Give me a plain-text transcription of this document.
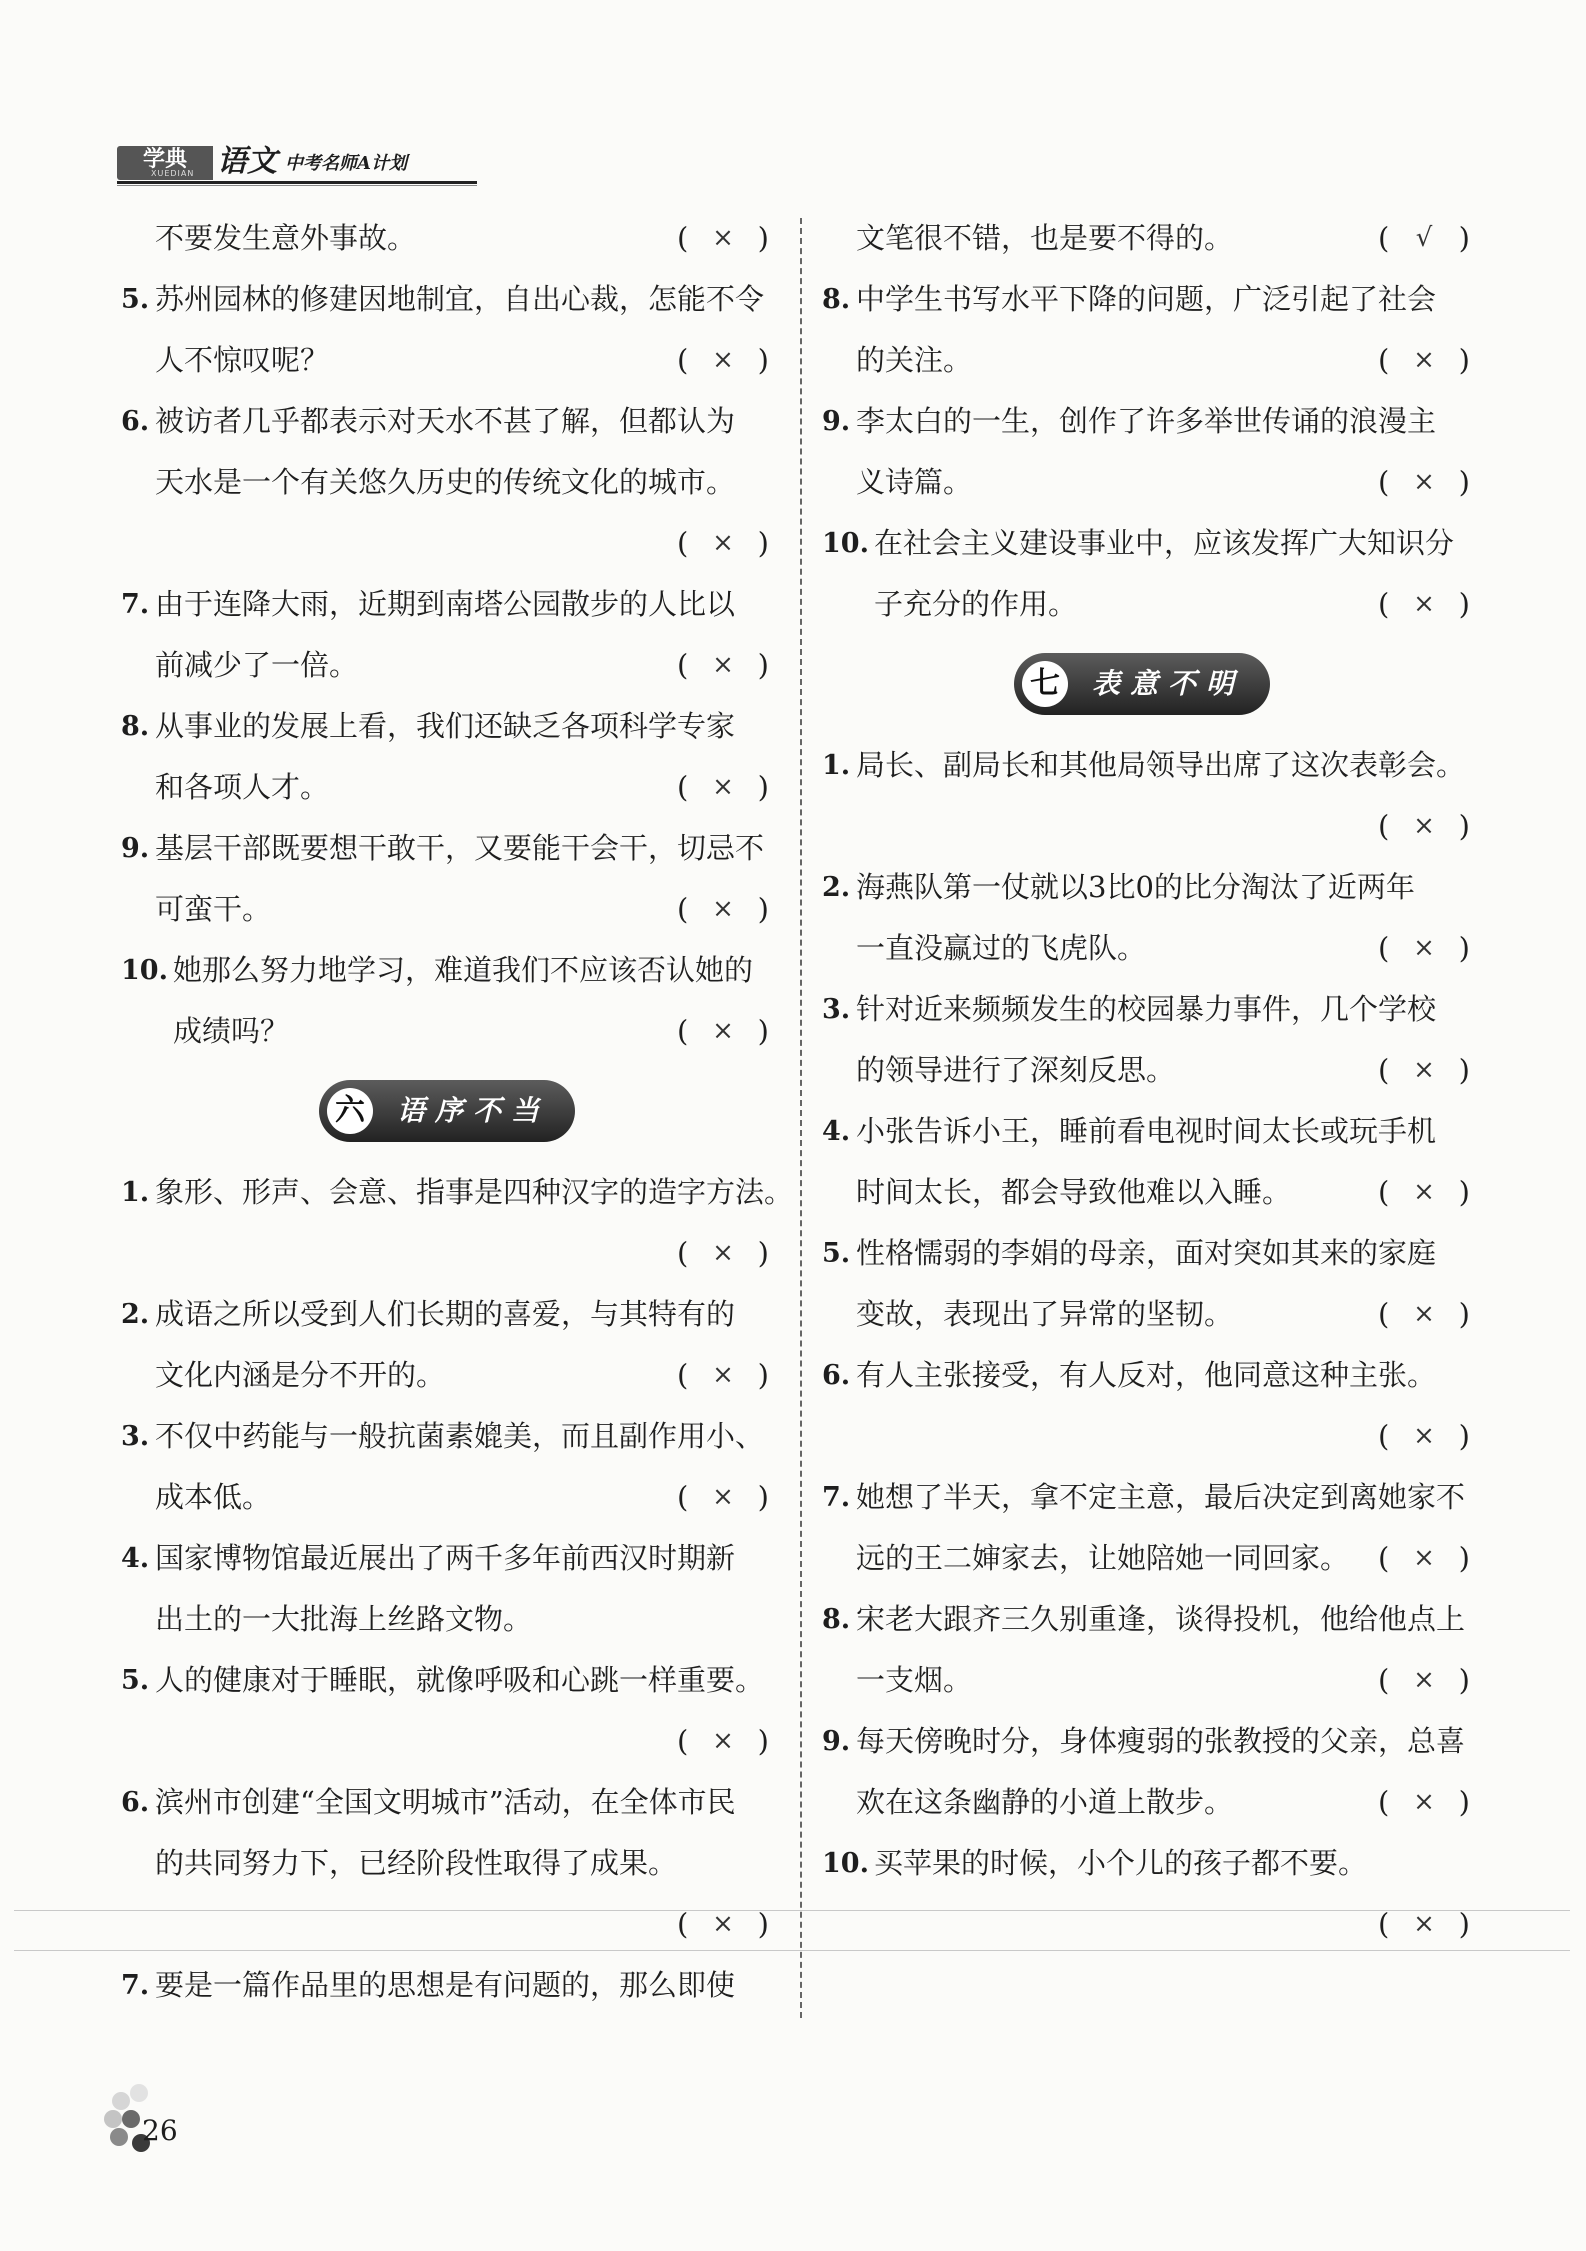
学典
XUEDIAN 语文 中考名师A计划
不要发生意外事故。	( × )
5. 苏州园林的修建因地制宜，自出心裁，怎能不令
人不惊叹呢？	( × )
6. 被访者几乎都表示对天水不甚了解，但都认为
天水是一个有关悠久历史的传统文化的城市。
( × )
7. 由于连降大雨，近期到南塔公园散步的人比以
前减少了一倍。	( × )
8. 从事业的发展上看，我们还缺乏各项科学专家
和各项人才。	( × )
9. 基层干部既要想干敢干，又要能干会干，切忌不
可蛮干。	( × )
10. 她那么努力地学习，难道我们不应该否认她的
成绩吗？	( × )
六 语序不当
1. 象形、形声、会意、指事是四种汉字的造字方法。
( × )
2. 成语之所以受到人们长期的喜爱，与其特有的
文化内涵是分不开的。	( × )
3. 不仅中药能与一般抗菌素媲美，而且副作用小、
成本低。	( × )
4. 国家博物馆最近展出了两千多年前西汉时期新
出土的一大批海上丝路文物。
5. 人的健康对于睡眠，就像呼吸和心跳一样重要。
( × )
6. 滨州市创建“全国文明城市”活动，在全体市民
的共同努力下，已经阶段性取得了成果。
( × )
7. 要是一篇作品里的思想是有问题的，那么即使
文笔很不错，也是要不得的。	(	√ )
8. 中学生书写水平下降的问题，广泛引起了社会
的关注。	( × )
9. 李太白的一生，创作了许多举世传诵的浪漫主
义诗篇。	( × )
10. 在社会主义建设事业中，应该发挥广大知识分
子充分的作用。	( × )
七 表意不明
1. 局长、副局长和其他局领导出席了这次表彰会。
( × )
2. 海燕队第一仗就以3比0的比分淘汰了近两年
一直没赢过的飞虎队。	( × )
3. 针对近来频频发生的校园暴力事件，几个学校
的领导进行了深刻反思。	( × )
4. 小张告诉小王，睡前看电视时间太长或玩手机
时间太长，都会导致他难以入睡。	( × )
5. 性格懦弱的李娟的母亲，面对突如其来的家庭
变故，表现出了异常的坚韧。	( × )
6. 有人主张接受，有人反对，他同意这种主张。
( × )
7. 她想了半天，拿不定主意，最后决定到离她家不
远的王二婶家去，让她陪她一同回家。 ( × )
8. 宋老大跟齐三久别重逢，谈得投机，他给他点上
一支烟。	( × )
9. 每天傍晚时分，身体瘦弱的张教授的父亲，总喜
欢在这条幽静的小道上散步。	( × )
10. 买苹果的时候，小个儿的孩子都不要。
( × )
26
